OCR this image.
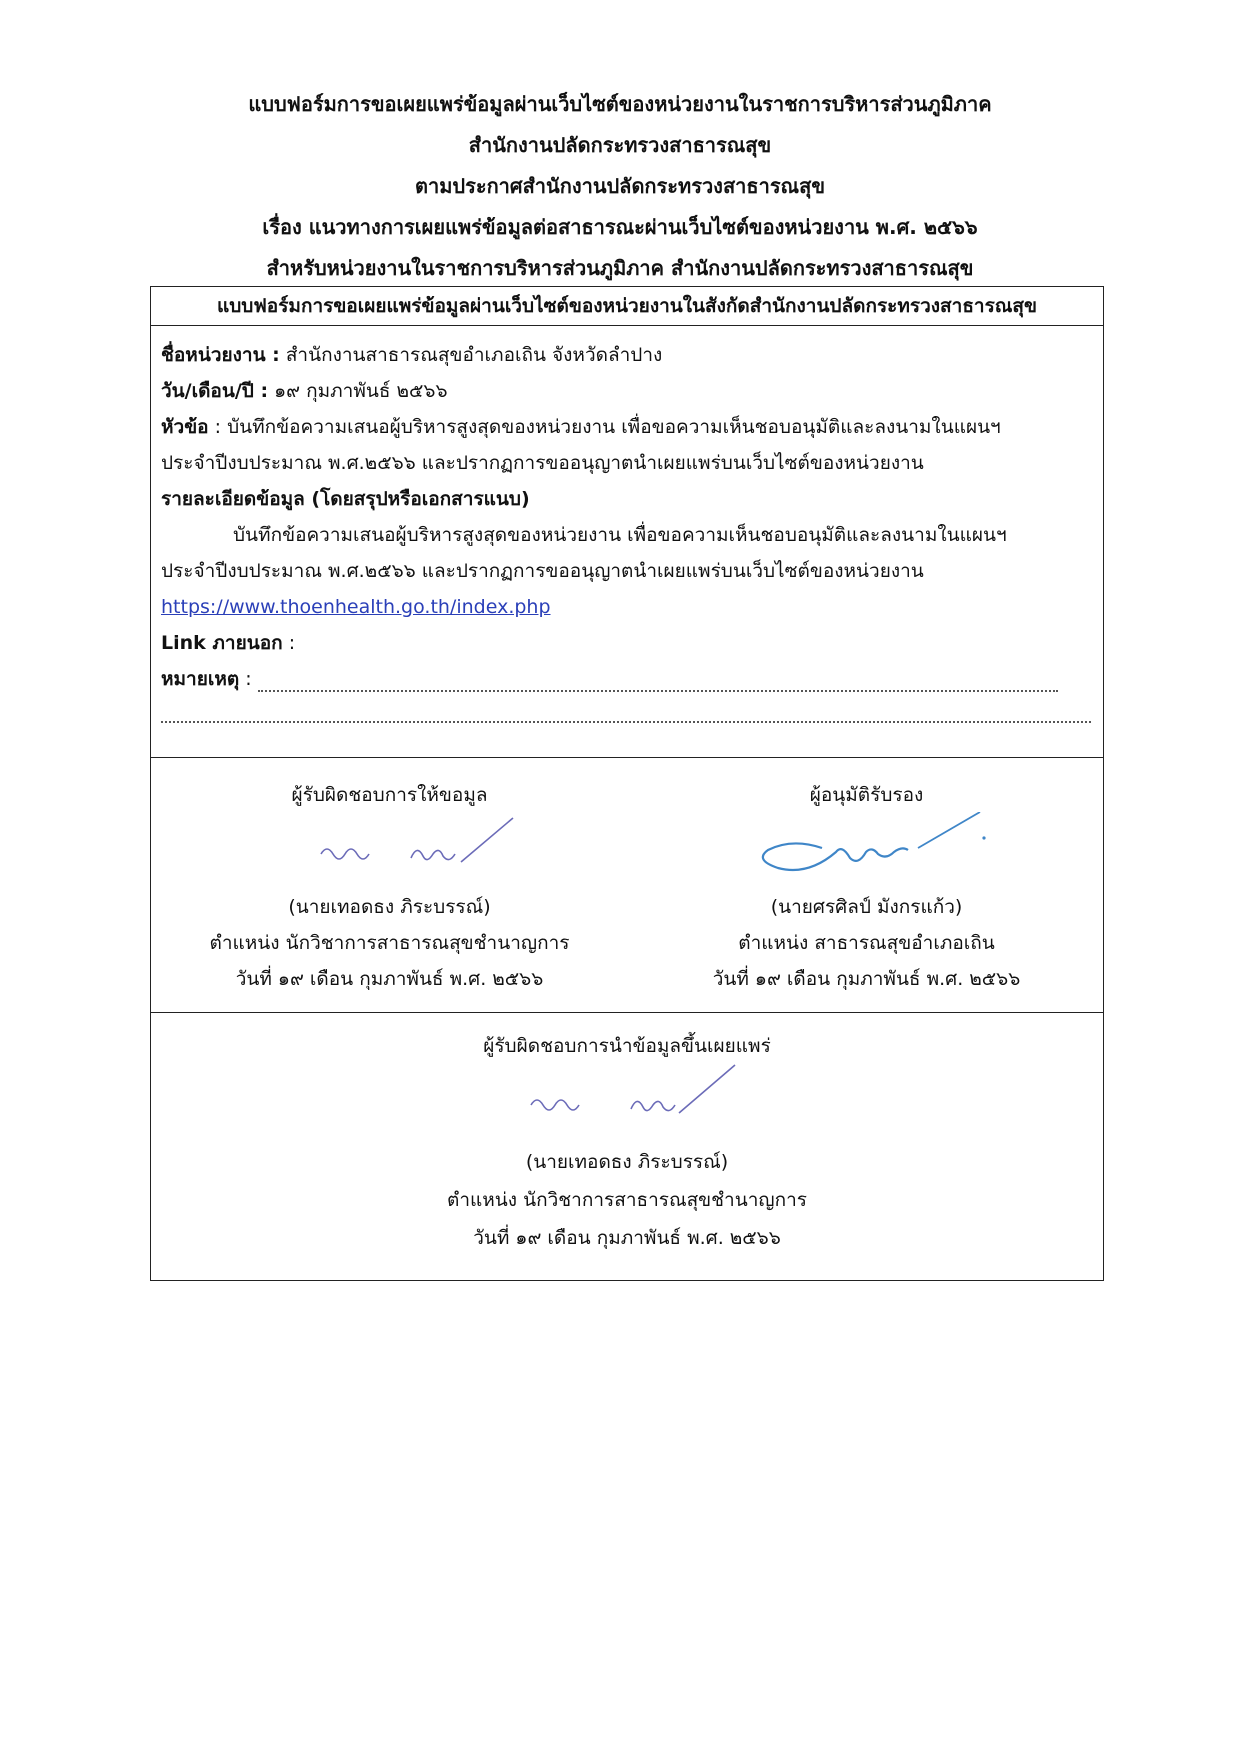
แบบฟอร์มการขอเผยแพร่ข้อมูลผ่านเว็บไซต์ของหน่วยงานในราชการบริหารส่วนภูมิภาค
สำนักงานปลัดกระทรวงสาธารณสุข
ตามประกาศสำนักงานปลัดกระทรวงสาธารณสุข
เรื่อง แนวทางการเผยแพร่ข้อมูลต่อสาธารณะผ่านเว็บไซต์ของหน่วยงาน พ.ศ. ๒๕๖๖
สำหรับหน่วยงานในราชการบริหารส่วนภูมิภาค สำนักงานปลัดกระทรวงสาธารณสุข
แบบฟอร์มการขอเผยแพร่ข้อมูลผ่านเว็บไซต์ของหน่วยงานในสังกัดสำนักงานปลัดกระทรวงสาธารณสุข
ชื่อหน่วยงาน : สำนักงานสาธารณสุขอำเภอเถิน จังหวัดลำปาง
วัน/เดือน/ปี : ๑๙ กุมภาพันธ์ ๒๕๖๖
หัวข้อ : บันทึกข้อความเสนอผู้บริหารสูงสุดของหน่วยงาน เพื่อขอความเห็นชอบอนุมัติและลงนามในแผนฯ
ประจำปีงบประมาณ พ.ศ.๒๕๖๖ และปรากฏการขออนุญาตนำเผยแพร่บนเว็บไซต์ของหน่วยงาน
รายละเอียดข้อมูล (โดยสรุปหรือเอกสารแนบ)
บันทึกข้อความเสนอผู้บริหารสูงสุดของหน่วยงาน เพื่อขอความเห็นชอบอนุมัติและลงนามในแผนฯ
ประจำปีงบประมาณ พ.ศ.๒๕๖๖ และปรากฏการขออนุญาตนำเผยแพร่บนเว็บไซต์ของหน่วยงาน
https://www.thoenhealth.go.th/index.php
Link ภายนอก :
หมายเหตุ :
ผู้รับผิดชอบการให้ขอมูล
(นายเทอดธง ภิระบรรณ์)
ตำแหน่ง นักวิชาการสาธารณสุขชำนาญการ
วันที่ ๑๙ เดือน กุมภาพันธ์ พ.ศ. ๒๕๖๖
ผู้อนุมัติรับรอง
(นายศรศิลป์ มังกรแก้ว)
ตำแหน่ง สาธารณสุขอำเภอเถิน
วันที่ ๑๙ เดือน กุมภาพันธ์ พ.ศ. ๒๕๖๖
ผู้รับผิดชอบการนำข้อมูลขึ้นเผยแพร่
(นายเทอดธง ภิระบรรณ์)
ตำแหน่ง นักวิชาการสาธารณสุขชำนาญการ
วันที่ ๑๙ เดือน กุมภาพันธ์ พ.ศ. ๒๕๖๖
